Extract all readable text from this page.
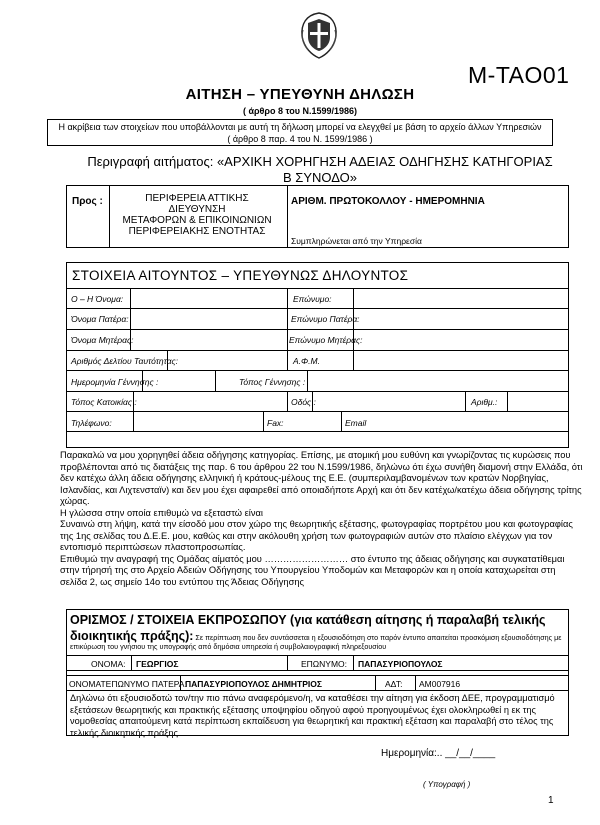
M-TAO01
ΑΙΤΗΣΗ – ΥΠΕΥΘΥΝΗ ΔΗΛΩΣΗ
( άρθρο 8 του Ν.1599/1986)
Η ακρίβεια των στοιχείων που υποβάλλονται με αυτή τη δήλωση μπορεί να ελεγχθεί με βάση το αρχείο άλλων Υπηρεσιών
( άρθρο 8 παρ. 4 του Ν. 1599/1986 )
Περιγραφή αιτήματος: «ΑΡΧΙΚΗ ΧΟΡΗΓΗΣΗ ΑΔΕΙΑΣ ΟΔΗΓΗΣΗΣ ΚΑΤΗΓΟΡΙΑΣ
Β ΣΥΝΟΔΟ»
Προς :	ΠΕΡΙΦΕΡΕΙΑ ΑΤΤΙΚΗΣ
ΔΙΕΥΘΥΝΣΗ
ΜΕΤΑΦΟΡΩΝ & ΕΠΙΚΟΙΝΩΝΙΩΝ
ΠΕΡΙΦΕΡΕΙΑΚΗΣ ΕΝΟΤΗΤΑΣ
ΑΡΙΘΜ. ΠΡΩΤΟΚΟΛΛΟΥ - ΗΜΕΡΟΜΗΝΙΑ
Συμπληρώνεται από την Υπηρεσία
Ο – Η Όνομα:	Επώνυμο:
Όνομα Πατέρα:	Επώνυμο Πατέρα:
Όνομα Μητέρας:	Επώνυμο Μητέρας:
Αριθμός Δελτίου Ταυτότητας:	Α.Φ.Μ.
Ημερομηνία Γέννησης :	Τόπος Γέννησης :
Τόπος Κατοικίας :	Οδός :	Αριθμ.:
Τηλέφωνο:	Fax:	Email
ΣΤΟΙΧΕΙΑ ΑΙΤΟΥΝΤΟΣ – ΥΠΕΥΘΥΝΩΣ ΔΗΛΟΥΝΤΟΣ

Παρακαλώ να μου χορηγηθεί άδεια οδήγησης κατηγορίας. Επίσης, με ατομική μου ευθύνη και γνωρίζοντας τις κυρώσεις που προβλέπονται από τις διατάξεις της παρ. 6 του άρθρου 22 του Ν.1599/1986, δηλώνω ότι έχω συνήθη διαμονή στην Ελλάδα, ότι δεν κατέχω άλλη άδεια οδήγησης ελληνική ή κράτους-μέλους της Ε.Ε. (συμπεριλαμβανομένων των κρατών Νορβηγίας, Ισλανδίας, και Λιχτενσταϊν) και δεν μου έχει αφαιρεθεί από οποιαδήποτε Αρχή και ότι δεν κατέχω/κατέχω άδεια οδήγησης τρίτης χώρας.

Η γλώσσα στην οποία επιθυμώ να εξεταστώ είναι

Συναινώ στη λήψη, κατά την είσοδό μου στον χώρο της θεωρητικής εξέτασης, φωτογραφίας πορτρέτου μου και φωτογραφίας της 1ης σελίδας του Δ.Ε.Ε. μου, καθώς και στην ακόλουθη χρήση των φωτογραφιών αυτών στο πλαίσιο ελέγχων για τον εντοπισμό περιπτώσεων πλαστοπροσωπίας.

Επιθυμώ την αναγραφή της Ομάδας αίματός μου ……………………… στο έντυπο της άδειας οδήγησης και συγκατατίθεμαι στην τήρησή της στο Αρχείο Αδειών Οδήγησης του Υπουργείου Υποδομών και Μεταφορών και η οποία καταχωρείται στη σελίδα 2, ως σημείο 14ο του εντύπου της Άδειας Οδήγησης

ΟΡΙΣΜΟΣ / ΣΤΟΙΧΕΙΑ ΕΚΠΡΟΣΩΠΟΥ (για κατάθεση αίτησης ή παραλαβή τελικής
διοικητικής πράξης): Σε περίπτωση που δεν συντάσσεται η εξουσιοδότηση στο παρόν έντυπο απαιτείται προσκόμιση εξουσιοδότησης με επικύρωση του γνήσιου της υπογραφής από δημόσια υπηρεσία ή συμβολαιογραφική πληρεξουσίου
ΟΝΟΜΑ: ΓΕΩΡΓΙΟΣ	ΕΠΩΝΥΜΟ: ΠΑΠΑΣΥΡΙΟΠΟΥΛΟΣ
ΟΝΟΜΑΤΕΠΩΝΥΜΟ ΠΑΤΕΡΑ:
ΠΑΠΑΣΥΡΙΟΠΟΥΛΟΣ ΔΗΜΗΤΡΙΟΣ	ΑΔΤ: AM007916
Δηλώνω ότι εξουσιοδοτώ τον/την πιο πάνω αναφερόμενο/η, να καταθέσει την αίτηση για έκδοση ΔΕΕ, προγραμματισμό εξετάσεων θεωρητικής και πρακτικής εξέτασης υποψηφίου οδηγού αφού προηγουμένως έχει ολοκληρωθεί η εκ της νομοθεσίας απαιτούμενη κατά περίπτωση εκπαίδευση για θεωρητική και πρακτική εξέταση και παραλαβή στο τέλος της τελικής διοικητικής πράξης.
Ημερομηνία:.. __/__/____
( Υπογραφή )
1
